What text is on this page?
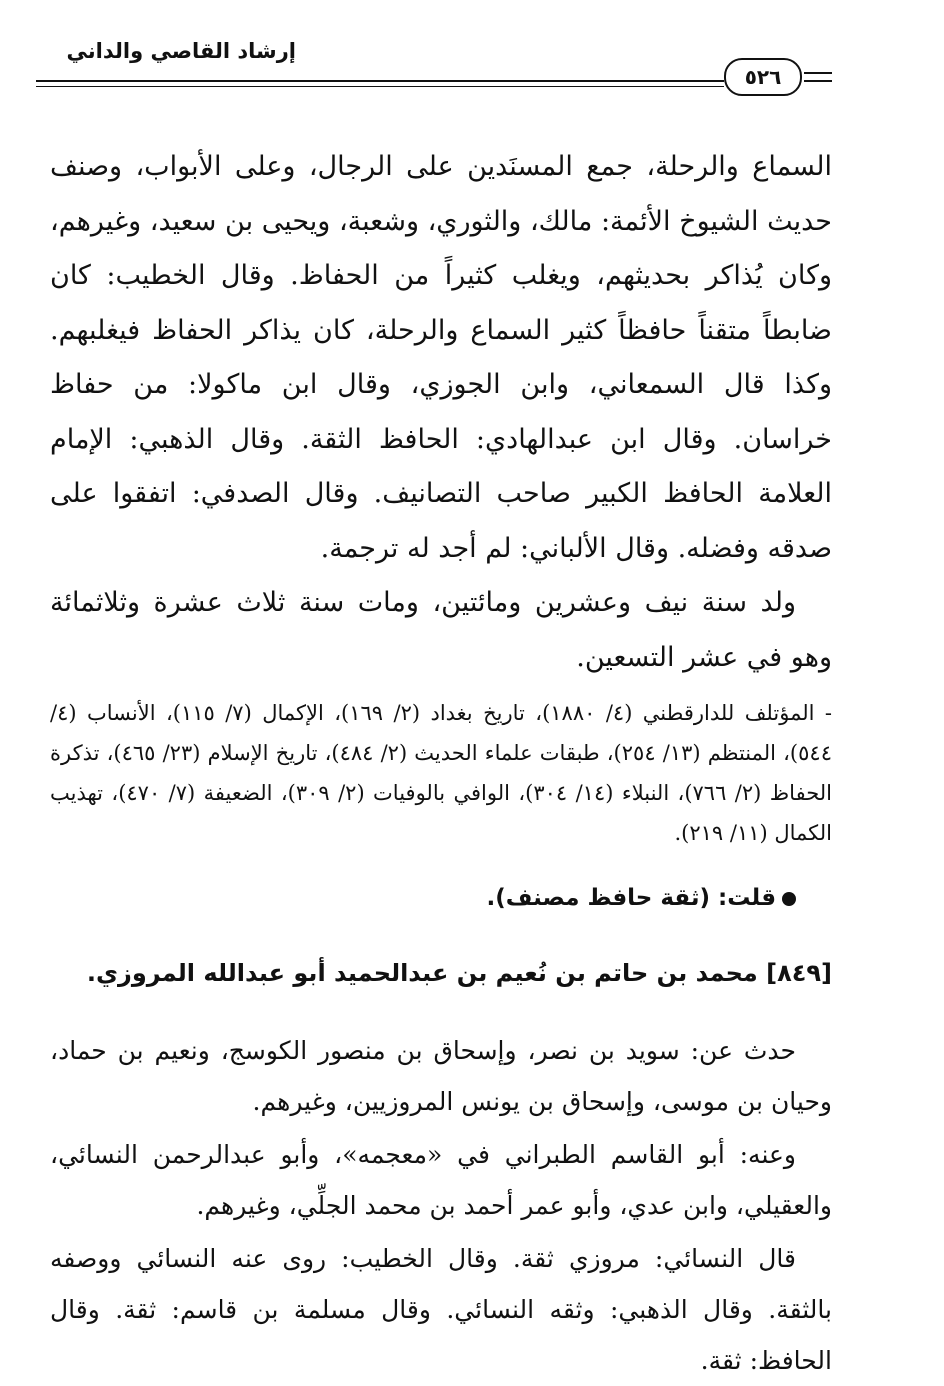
إرشاد القاصي والداني
٥٢٦

السماع والرحلة، جمع المسنَدين على الرجال، وعلى الأبواب، وصنف حديث الشيوخ الأئمة: مالك، والثوري، وشعبة، ويحيى بن سعيد، وغيرهم، وكان يُذاكر بحديثهم، ويغلب كثيراً من الحفاظ. وقال الخطيب: كان ضابطاً متقناً حافظاً كثير السماع والرحلة، كان يذاكر الحفاظ فيغلبهم. وكذا قال السمعاني، وابن الجوزي، وقال ابن ماكولا: من حفاظ خراسان. وقال ابن عبدالهادي: الحافظ الثقة. وقال الذهبي: الإمام العلامة الحافظ الكبير صاحب التصانيف. وقال الصدفي: اتفقوا على صدقه وفضله. وقال الألباني: لم أجد له ترجمة.

ولد سنة نيف وعشرين ومائتين، ومات سنة ثلاث عشرة وثلاثمائة وهو في عشر التسعين.

- المؤتلف للدارقطني (٤/ ١٨٨٠)، تاريخ بغداد (٢/ ١٦٩)، الإكمال (٧/ ١١٥)، الأنساب (٤/ ٥٤٤)، المنتظم (١٣/ ٢٥٤)، طبقات علماء الحديث (٢/ ٤٨٤)، تاريخ الإسلام (٢٣/ ٤٦٥)، تذكرة الحفاظ (٢/ ٧٦٦)، النبلاء (١٤/ ٣٠٤)، الوافي بالوفيات (٢/ ٣٠٩)، الضعيفة (٧/ ٤٧٠)، تهذيب الكمال (١١/ ٢١٩).

قلت: (ثقة حافظ مصنف).

[٨٤٩] محمد بن حاتم بن نُعيم بن عبدالحميد أبو عبدالله المروزي.

حدث عن: سويد بن نصر، وإسحاق بن منصور الكوسج، ونعيم بن حماد، وحيان بن موسى، وإسحاق بن يونس المروزيين، وغيرهم.

وعنه: أبو القاسم الطبراني في «معجمه»، وأبو عبدالرحمن النسائي، والعقيلي، وابن عدي، وأبو عمر أحمد بن محمد الجلِّي، وغيرهم.

قال النسائي: مروزي ثقة. وقال الخطيب: روى عنه النسائي ووصفه بالثقة. وقال الذهبي: وثقه النسائي. وقال مسلمة بن قاسم: ثقة. وقال الحافظ: ثقة.
